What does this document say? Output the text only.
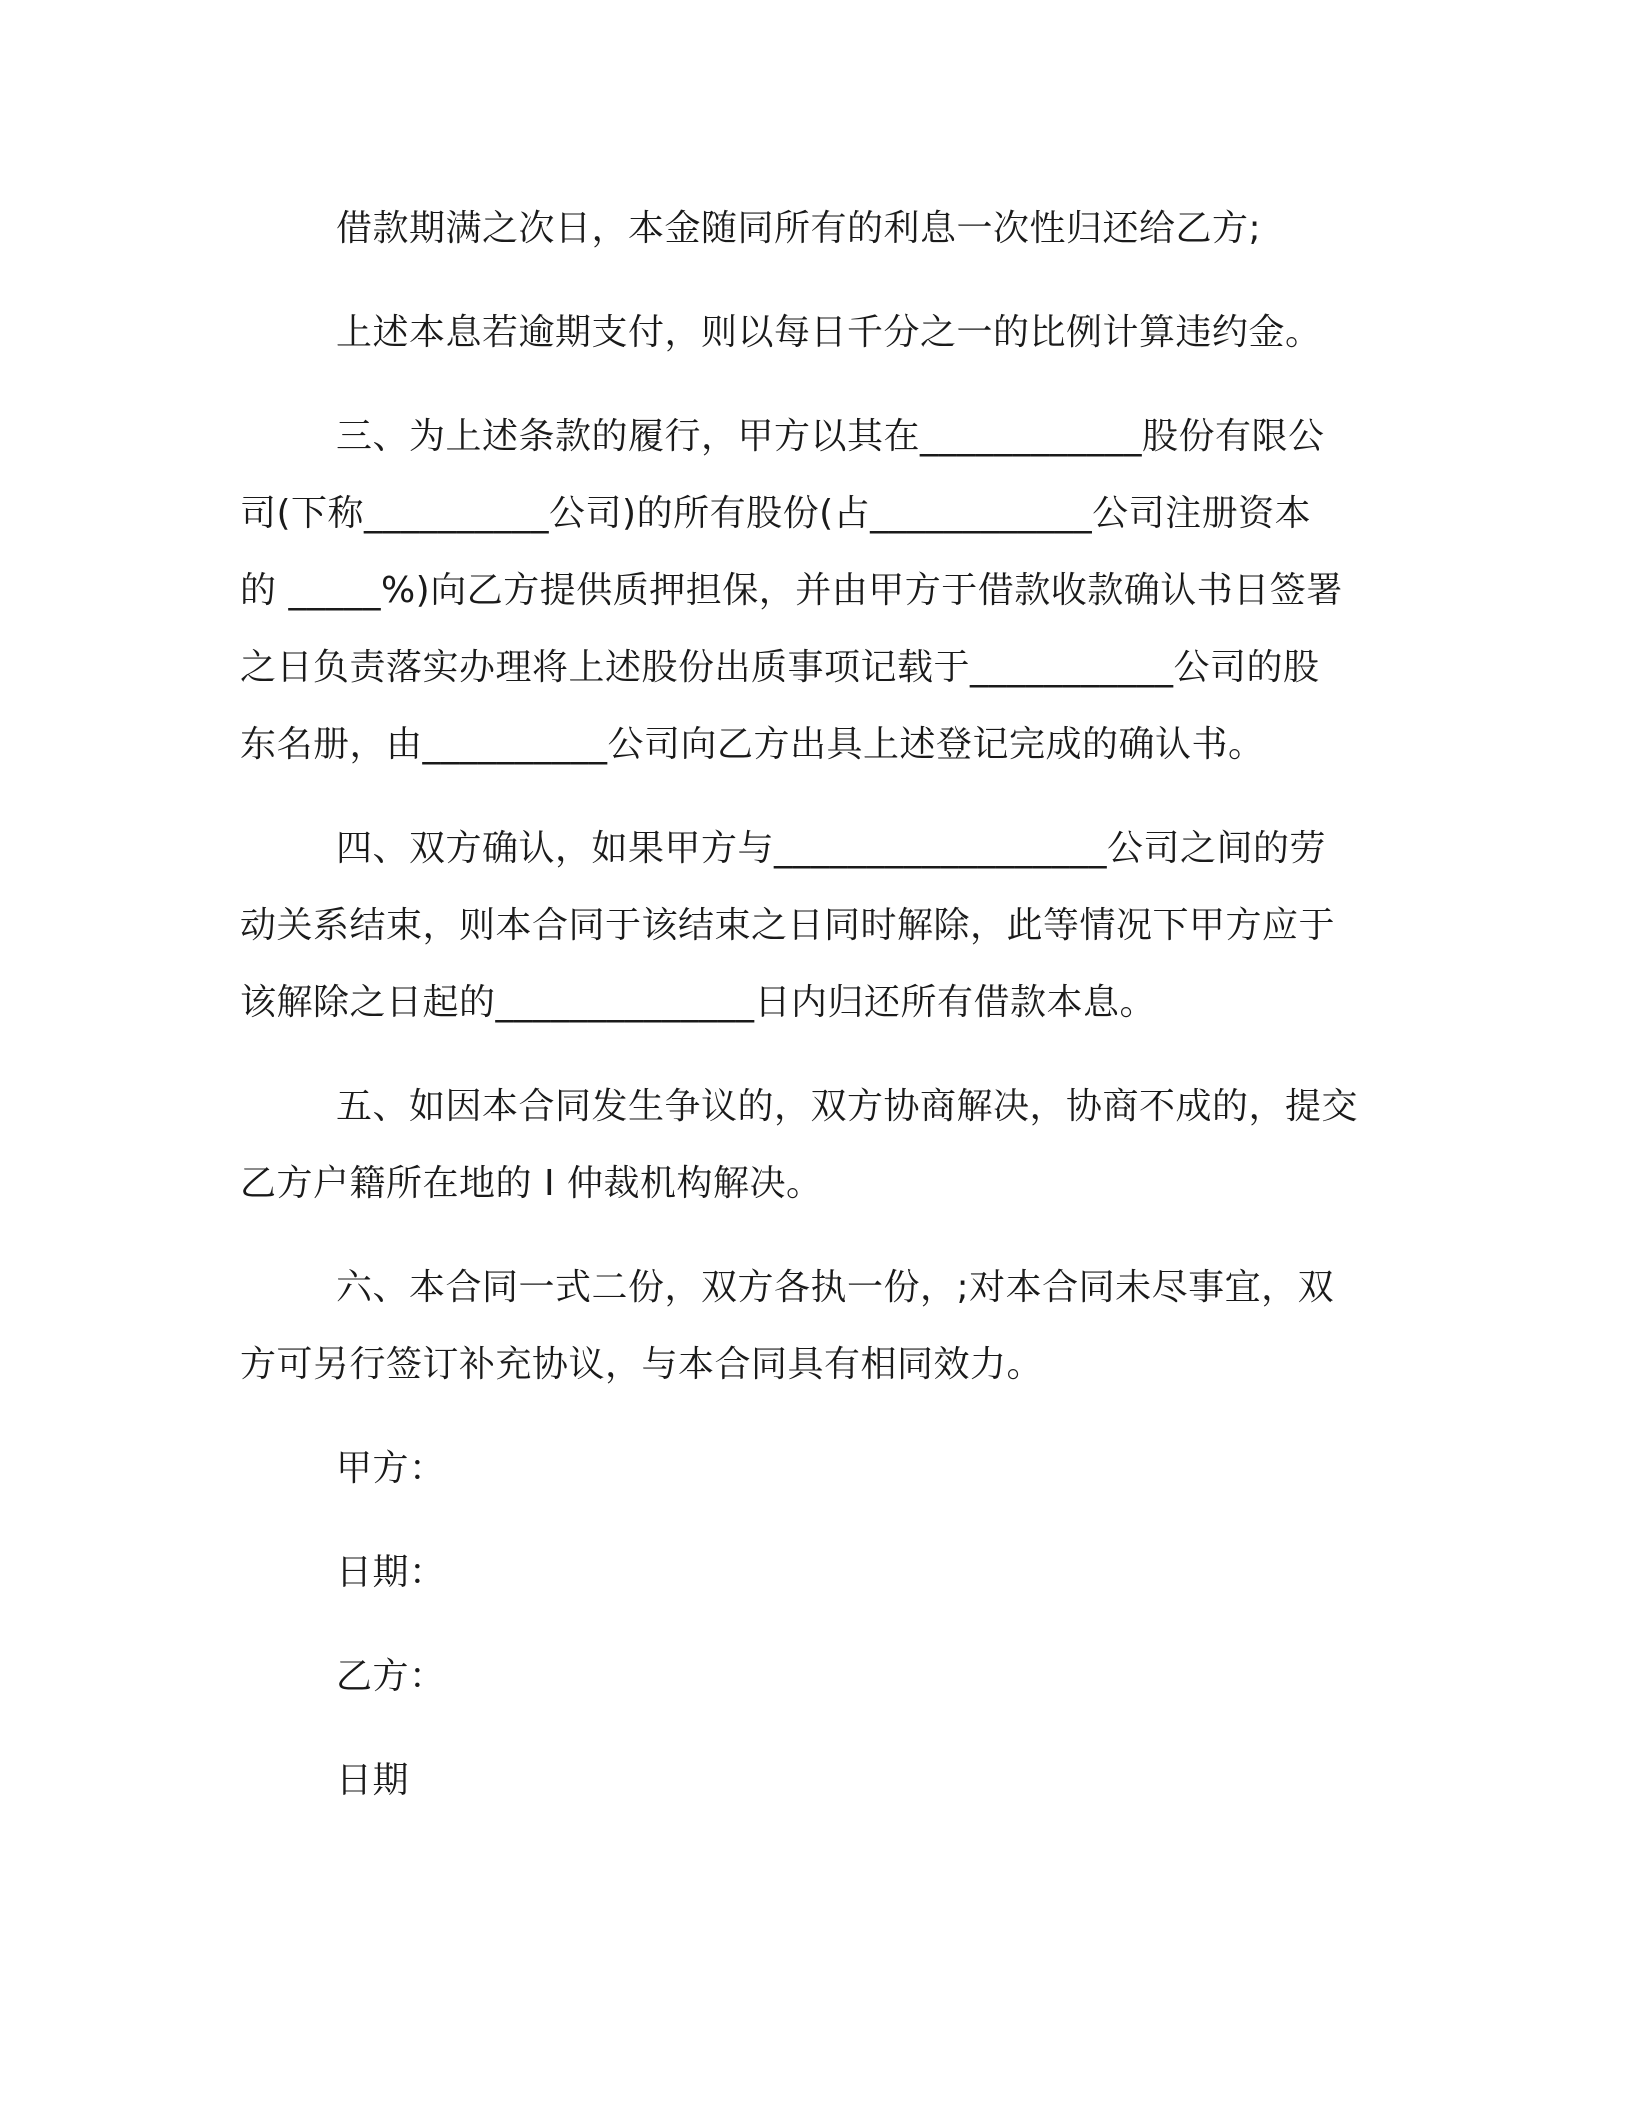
借款期满之次日，本金随同所有的利息一次性归还给乙方;

上述本息若逾期支付，则以每日千分之一的比例计算违约金。

三、为上述条款的履行，甲方以其在____________股份有限公
司(下称__________公司)的所有股份(占____________公司注册资本
的 _____%)向乙方提供质押担保，并由甲方于借款收款确认书日签署
之日负责落实办理将上述股份出质事项记载于___________公司的股
东名册，由__________公司向乙方出具上述登记完成的确认书。

四、双方确认，如果甲方与__________________公司之间的劳
动关系结束，则本合同于该结束之日同时解除，此等情况下甲方应于
该解除之日起的______________日内归还所有借款本息。

五、如因本合同发生争议的，双方协商解决，协商不成的，提交
乙方户籍所在地的 I 仲裁机构解决。

六、本合同一式二份，双方各执一份，;对本合同未尽事宜，双
方可另行签订补充协议，与本合同具有相同效力。

甲方：
日期：
乙方：
日期
